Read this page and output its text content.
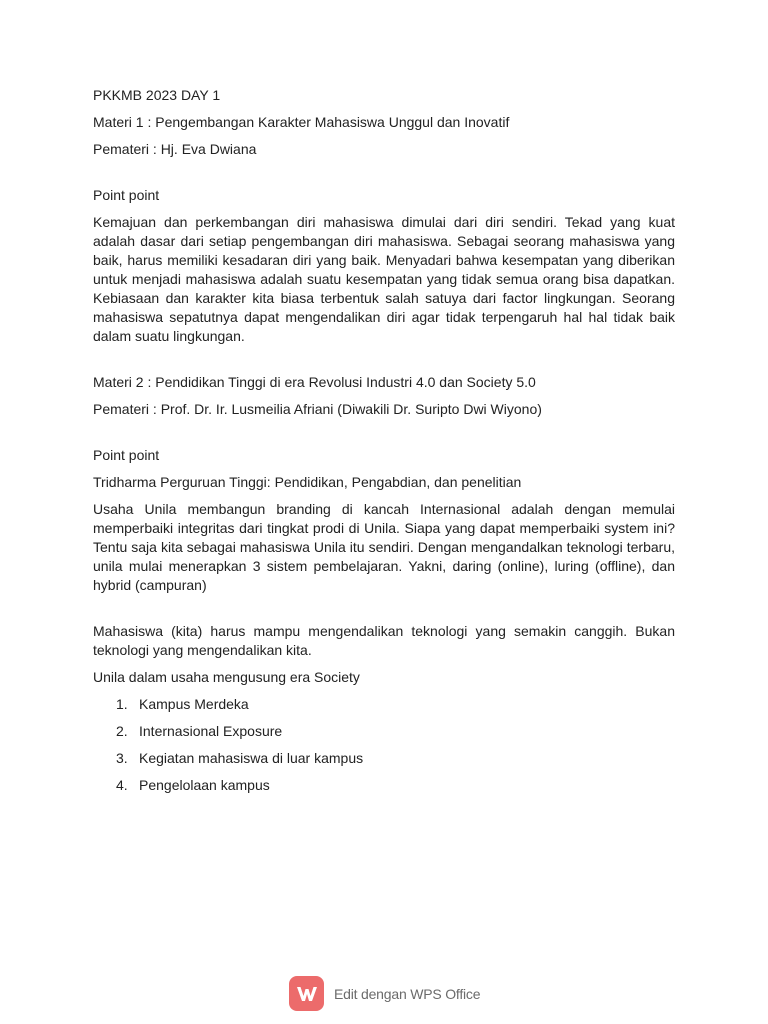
PKKMB 2023 DAY 1

Materi 1 : Pengembangan Karakter Mahasiswa Unggul dan Inovatif

Pemateri : Hj. Eva Dwiana

Point point

Kemajuan dan perkembangan diri mahasiswa dimulai dari diri sendiri. Tekad yang kuat adalah dasar dari setiap pengembangan diri mahasiswa. Sebagai seorang mahasiswa yang baik, harus memiliki kesadaran diri yang baik. Menyadari bahwa kesempatan yang diberikan untuk menjadi mahasiswa adalah suatu kesempatan yang tidak semua orang bisa dapatkan. Kebiasaan dan karakter kita biasa terbentuk salah satuya dari factor lingkungan. Seorang mahasiswa sepatutnya dapat mengendalikan diri agar tidak terpengaruh hal hal tidak baik dalam suatu lingkungan.

Materi 2 : Pendidikan Tinggi di era Revolusi Industri 4.0 dan Society 5.0

Pemateri : Prof. Dr. Ir. Lusmeilia Afriani (Diwakili Dr. Suripto Dwi Wiyono)

Point point

Tridharma Perguruan Tinggi: Pendidikan, Pengabdian, dan penelitian

Usaha Unila membangun branding di kancah Internasional adalah dengan memulai memperbaiki integritas dari tingkat prodi di Unila. Siapa yang dapat memperbaiki system ini? Tentu saja kita sebagai mahasiswa Unila itu sendiri. Dengan mengandalkan teknologi terbaru, unila mulai menerapkan 3 sistem pembelajaran. Yakni, daring (online), luring (offline), dan hybrid (campuran)

Mahasiswa (kita) harus mampu mengendalikan teknologi yang semakin canggih. Bukan teknologi yang mengendalikan kita.

Unila dalam usaha mengusung era Society

1. Kampus Merdeka
2. Internasional Exposure
3. Kegiatan mahasiswa di luar kampus
4. Pengelolaan kampus
Edit dengan WPS Office
